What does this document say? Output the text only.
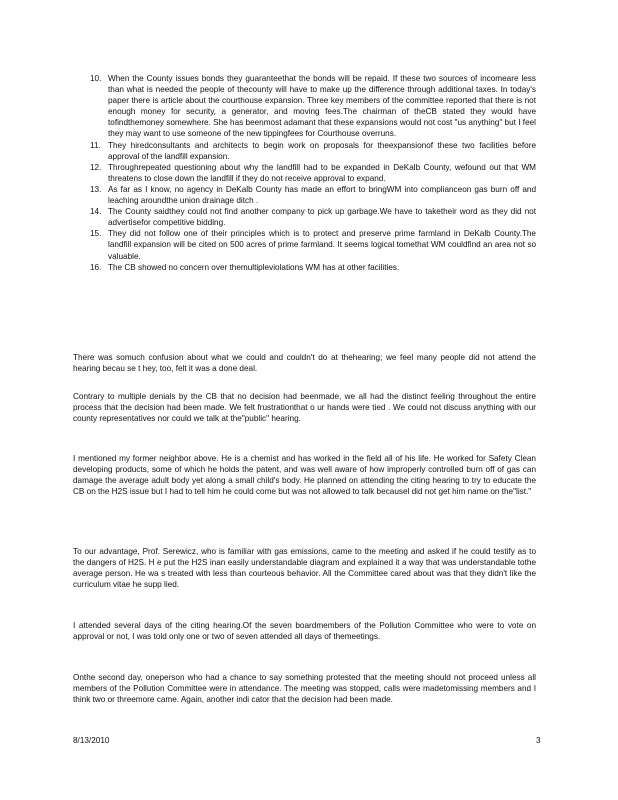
10. When the County issues bonds they guaranteethat the bonds will be repaid. If these two sources of incomeare less than what is needed the people of thecounty will have to make up the difference through additional taxes. In today's paper there is article about the courthouse expansion. Three key members of the committee reported that there is not enough money for security, a generator, and moving fees.The chairman of theCB stated they would have tofindthemoney somewhere. She has beenmost adamant that these expansions would not cost "us anything" but I feel they may want to use someone of the new tippingfees for Courthouse overruns.
11. They hiredconsultants and architects to begin work on proposals for theexpansionof these two facilities before approval of the landfill expansion.
12. Throughrepeated questioning about why the landfill had to be expanded in DeKalb County, wefound out that WM threatens to close down the landfill if they do not receive approval to expand.
13. As far as I know, no agency in DeKalb County has made an effort to bringWM into complianceon gas burn off and leaching aroundthe union drainage ditch .
14. The County saidthey could not find another company to pick up garbage.We have to taketheir word as they did not advertisefor competitive bidding.
15. They did not follow one of their principles which is to protect and preserve prime farmland in DeKalb County.The landfill expansion will be cited on 500 acres of prime farmland. It seems logical tomethat WM couldfind an area not so valuable.
16. The CB showed no concern over themultipleviolations WM has at other facilities.

There was somuch confusion about what we could and couldn't do at thehearing; we feel many people did not attend the hearing becau se t hey, too, felt it was a done deal.

Contrary to multiple denials by the CB that no decision had beenmade, we all had the distinct feeling throughout the entire process that the decision had been made. We felt frustrationthat o ur hands were tied . We could not discuss anything with our county representatives nor could we talk at the"public" hearing.

I mentioned my former neighbor above. He is a chemist and has worked in the field all of his life. He worked for Safety Clean developing products, some of which he holds the patent, and was well aware of how improperly controlled burn off of gas can damage the average adult body yet along a small child's body. He planned on attending the citing hearing to try to educate the CB on the H2S issue but I had to tell him he could come but was not allowed to talk becausel did not get him name on the"list."

To our advantage, Prof. Serewicz, who is familiar with gas emissions, came to the meeting and asked if he could testify as to the dangers of H2S. H e put the H2S inan easily understandable diagram and explained it a way that was understandable tothe average person. He wa s treated with less than courteous behavior. All the Committee cared about was that they didn't like the curriculum vitae he supp lied.

I attended several days of the citing hearing.Of the seven boardmembers of the Pollution Committee who were to vote on approval or not, I was told only one or two of seven attended all days of themeetings.

Onthe second day, oneperson who had a chance to say something protested that the meeting should not proceed unless all members of the Pollution Committee were in attendance. The meeting was stopped, calls were madetomissing members and I think two or threemore came. Again, another indi cator that the decision had been made.

8/13/2010	3
